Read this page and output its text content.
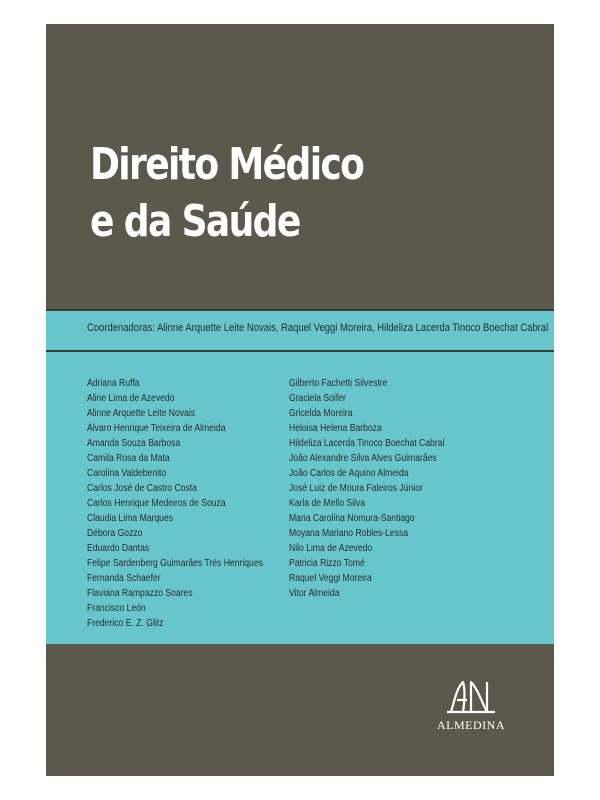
Direito Médico
e da Saúde
Coordenadoras: Alinne Arquette Leite Novais, Raquel Veggi Moreira, Hildeliza Lacerda Tinoco Boechat Cabral
Adriana Ruffa
Aline Lima de Azevedo
Alinne Arquette Leite Novais
Álvaro Henrique Teixeira de Almeida
Amanda Souza Barbosa
Camila Rosa da Mata
Carolina Valdebenito
Carlos José de Castro Costa
Carlos Henrique Medeiros de Souza
Claudia Lima Marques
Débora Gozzo
Eduardo Dantas
Felipe Sardenberg Guimarães Trés Henriques
Fernanda Schaefer
Flaviana Rampazzo Soares
Francisco León
Frederico E. Z. Glitz
Gilberto Fachetti Silvestre
Graciela Soifer
Gricelda Moreira
Heloisa Helena Barboza
Hildeliza Lacerda Tinoco Boechat Cabral
João Alexandre Silva Alves Guimarães
João Carlos de Aquino Almeida
José Luiz de Moura Faleiros Júnior
Karla de Mello Silva
Maria Carolina Nomura-Santiago
Moyana Mariano Robles-Lessa
Nilo Lima de Azevedo
Patricia Rizzo Tomé
Raquel Veggi Moreira
Vitor Almeida
ALMEDINA
